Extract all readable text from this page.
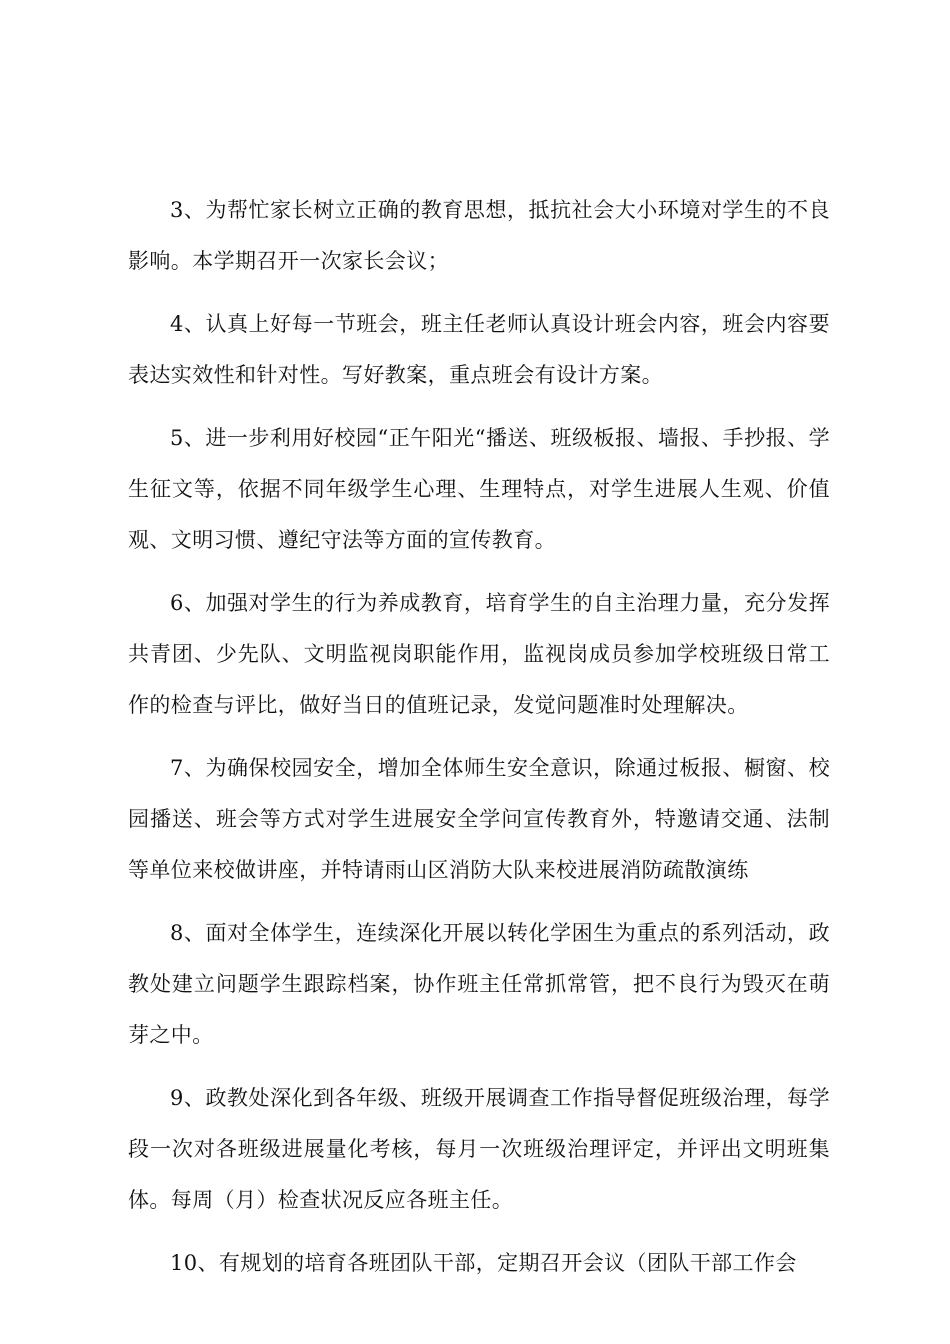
3、为帮忙家长树立正确的教育思想，抵抗社会大小环境对学生的不良影响。本学期召开一次家长会议；

4、认真上好每一节班会，班主任老师认真设计班会内容，班会内容要表达实效性和针对性。写好教案，重点班会有设计方案。

5、进一步利用好校园“正午阳光“播送、班级板报、墙报、手抄报、学生征文等，依据不同年级学生心理、生理特点，对学生进展人生观、价值观、文明习惯、遵纪守法等方面的宣传教育。

6、加强对学生的行为养成教育，培育学生的自主治理力量，充分发挥共青团、少先队、文明监视岗职能作用，监视岗成员参加学校班级日常工作的检查与评比，做好当日的值班记录，发觉问题准时处理解决。

7、为确保校园安全，增加全体师生安全意识，除通过板报、橱窗、校园播送、班会等方式对学生进展安全学问宣传教育外，特邀请交通、法制等单位来校做讲座，并特请雨山区消防大队来校进展消防疏散演练

8、面对全体学生，连续深化开展以转化学困生为重点的系列活动，政教处建立问题学生跟踪档案，协作班主任常抓常管，把不良行为毁灭在萌芽之中。

9、政教处深化到各年级、班级开展调查工作指导督促班级治理，每学段一次对各班级进展量化考核，每月一次班级治理评定，并评出文明班集体。每周（月）检查状况反应各班主任。

10、有规划的培育各班团队干部，定期召开会议（团队干部工作会
